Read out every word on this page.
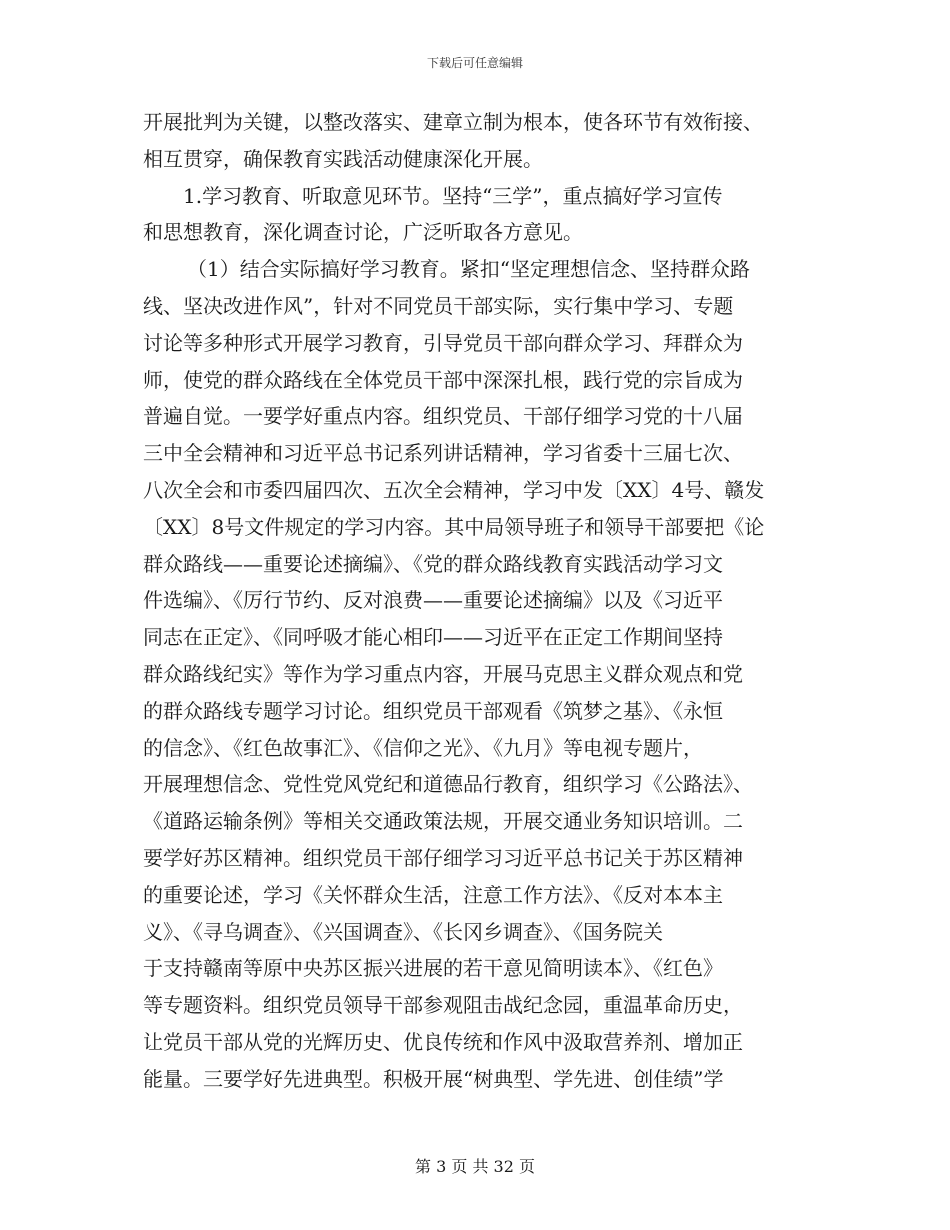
下载后可任意编辑
开展批判为关键，以整改落实、建章立制为根本，使各环节有效衔接、
相互贯穿，确保教育实践活动健康深化开展。
1.学习教育、听取意见环节。坚持“三学”，重点搞好学习宣传
和思想教育，深化调查讨论，广泛听取各方意见。
（1）结合实际搞好学习教育。紧扣“坚定理想信念、坚持群众路
线、坚决改进作风”，针对不同党员干部实际，实行集中学习、专题
讨论等多种形式开展学习教育，引导党员干部向群众学习、拜群众为
师，使党的群众路线在全体党员干部中深深扎根，践行党的宗旨成为
普遍自觉。一要学好重点内容。组织党员、干部仔细学习党的十八届
三中全会精神和习近平总书记系列讲话精神，学习省委十三届七次、
八次全会和市委四届四次、五次全会精神，学习中发〔XX〕4号、赣发
〔XX〕8号文件规定的学习内容。其中局领导班子和领导干部要把《论
群众路线——重要论述摘编》、《党的群众路线教育实践活动学习文
件选编》、《厉行节约、反对浪费——重要论述摘编》以及《习近平
同志在正定》、《同呼吸才能心相印——习近平在正定工作期间坚持
群众路线纪实》等作为学习重点内容，开展马克思主义群众观点和党
的群众路线专题学习讨论。组织党员干部观看《筑梦之基》、《永恒
的信念》、《红色故事汇》、《信仰之光》、《九月》等电视专题片，
开展理想信念、党性党风党纪和道德品行教育，组织学习《公路法》、
《道路运输条例》等相关交通政策法规，开展交通业务知识培训。二
要学好苏区精神。组织党员干部仔细学习习近平总书记关于苏区精神
的重要论述，学习《关怀群众生活，注意工作方法》、《反对本本主
义》、《寻乌调查》、《兴国调查》、《长冈乡调查》、《国务院关
于支持赣南等原中央苏区振兴进展的若干意见简明读本》、《红色》
等专题资料。组织党员领导干部参观阻击战纪念园，重温革命历史，
让党员干部从党的光辉历史、优良传统和作风中汲取营养剂、增加正
能量。三要学好先进典型。积极开展“树典型、学先进、创佳绩”学
第 3 页 共 32 页
